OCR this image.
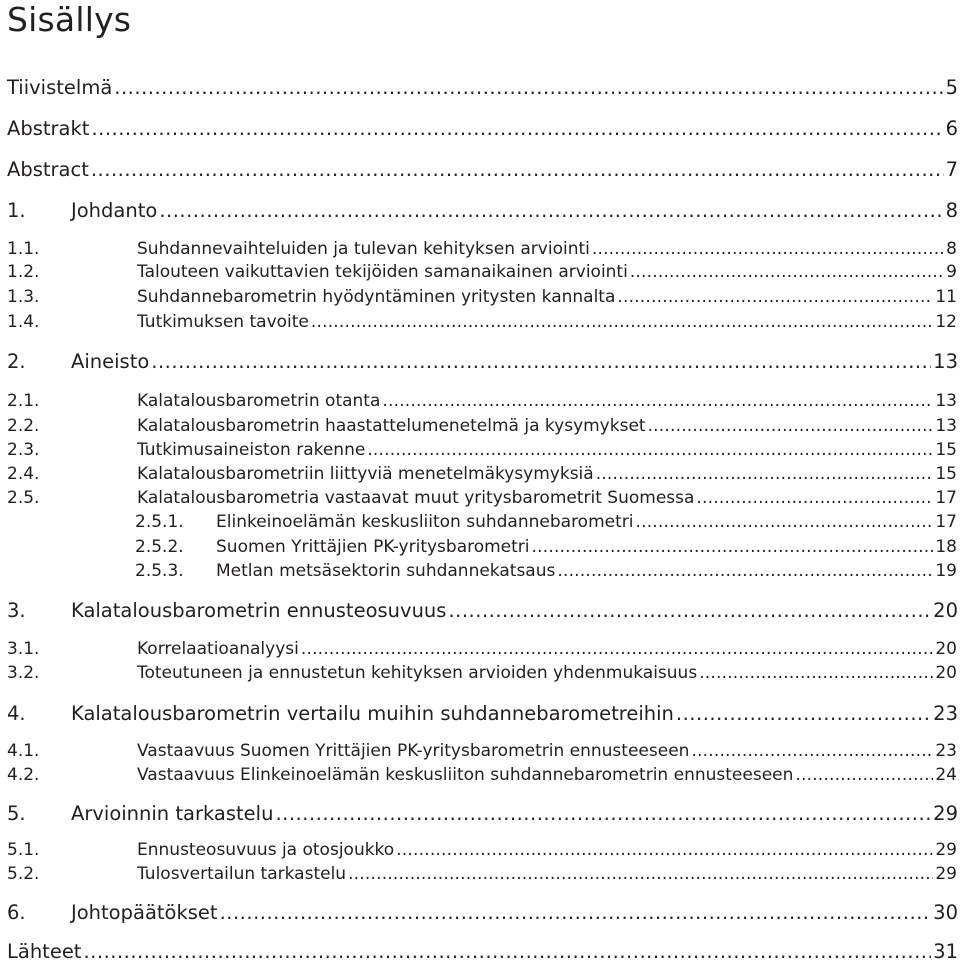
Sisällys
Tiivistelmä .....	5
Abstrakt .....	6
Abstract .....	7
1.	Johdanto .....	8
1.1.	Suhdannevaihteluiden ja tulevan kehityksen arviointi .....	8
1.2.	Talouteen vaikuttavien tekijöiden samanaikainen arviointi .....	9
1.3.	Suhdannebarometrin hyödyntäminen yritysten kannalta .....	11
1.4.	Tutkimuksen tavoite .....	12
2.	Aineisto .....	13
2.1.	Kalatalousbarometrin otanta .....	13
2.2.	Kalatalousbarometrin haastattelumenetelmä ja kysymykset .....	13
2.3.	Tutkimusaineiston rakenne .....	15
2.4.	Kalatalousbarometriin liittyviä menetelmäkysymyksiä .....	15
2.5.	Kalatalousbarometria vastaavat muut yritysbarometrit Suomessa .....	17
2.5.1.	Elinkeinoelämän keskusliiton suhdannebarometri .....	17
2.5.2.	Suomen Yrittäjien PK-yritysbarometri .....	18
2.5.3.	Metlan metsäsektorin suhdannekatsaus .....	19
3.	Kalatalousbarometrin ennusteosuvuus .....	20
3.1.	Korrelaatioanalyysi .....	20
3.2.	Toteutuneen ja ennustetun kehityksen arvioiden yhdenmukaisuus .....	20
4.	Kalatalousbarometrin vertailu muihin suhdannebarometreihin .....	23
4.1.	Vastaavuus Suomen Yrittäjien PK-yritysbarometrin ennusteeseen .....	23
4.2.	Vastaavuus Elinkeinoelämän keskusliiton suhdannebarometrin ennusteeseen .....	24
5.	Arvioinnin tarkastelu .....	29
5.1.	Ennusteosuvuus ja otosjoukko .....	29
5.2.	Tulosvertailun tarkastelu .....	29
6.	Johtopäätökset .....	30
Lähteet .....	31
